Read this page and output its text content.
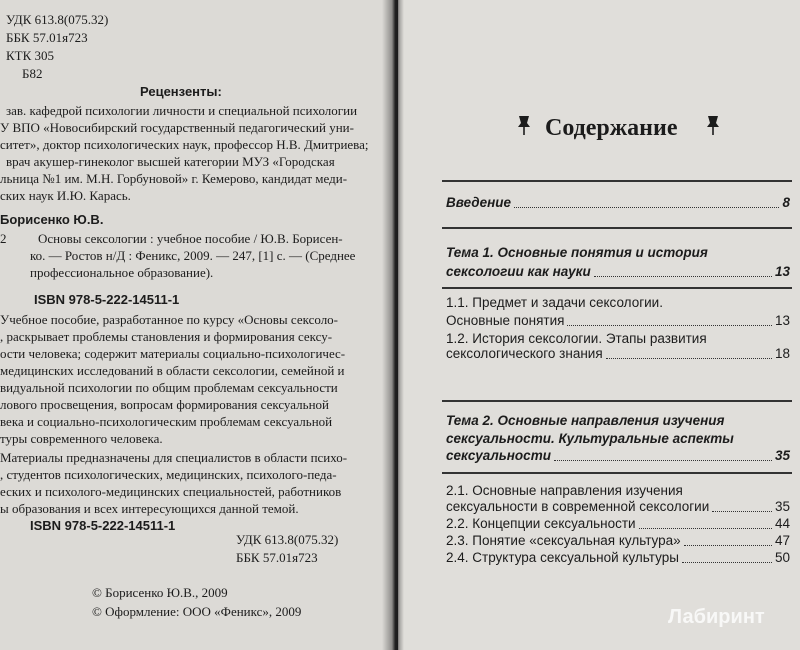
УДК 613.8(075.32)
ББК 57.01я723
КТК 305
Б82
Рецензенты:
зав. кафедрой психологии личности и специальной психологии
У ВПО «Новосибирский государственный педагогический уни-
ситет», доктор психологических наук, профессор Н.В. Дмитриева;
врач акушер-гинеколог высшей категории МУЗ «Городская
льница №1 им. М.Н. Горбуновой» г. Кемерово, кандидат меди-
ских наук И.Ю. Карась.
Борисенко Ю.В.
2 Основы сексологии : учебное пособие / Ю.В. Борисен-
ко. — Ростов н/Д : Феникс, 2009. — 247, [1] с. — (Среднее
профессиональное образование).
ISBN 978-5-222-14511-1
Учебное пособие, разработанное по курсу «Основы сексоло-
, раскрывает проблемы становления и формирования сексу-
ости человека; содержит материалы социально-психологичес-
медицинских исследований в области сексологии, семейной и
видуальной психологии по общим проблемам сексуальности
лового просвещения, вопросам формирования сексуальной
века и социально-психологическим проблемам сексуальной
туры современного человека.
Материалы предназначены для специалистов в области психо-
, студентов психологических, медицинских, психолого-педа-
еских и психолого-медицинских специальностей, работников
ы образования и всех интересующихся данной темой.
ISBN 978-5-222-14511-1
УДК 613.8(075.32)
ББК 57.01я723
© Борисенко Ю.В., 2009
© Оформление: ООО «Феникс», 2009
Содержание
Введение	8
Тема 1. Основные понятия и история
сексологии как науки	13
1.1. Предмет и задачи сексологии.
Основные понятия	13
1.2. История сексологии. Этапы развития
сексологического знания	18
Тема 2. Основные направления изучения
сексуальности. Культуральные аспекты
сексуальности	35
2.1. Основные направления изучения
сексуальности в современной сексологии	35
2.2. Концепции сексуальности	44
2.3. Понятие «сексуальная культура»	47
2.4. Структура сексуальной культуры	50
Лабиринт
